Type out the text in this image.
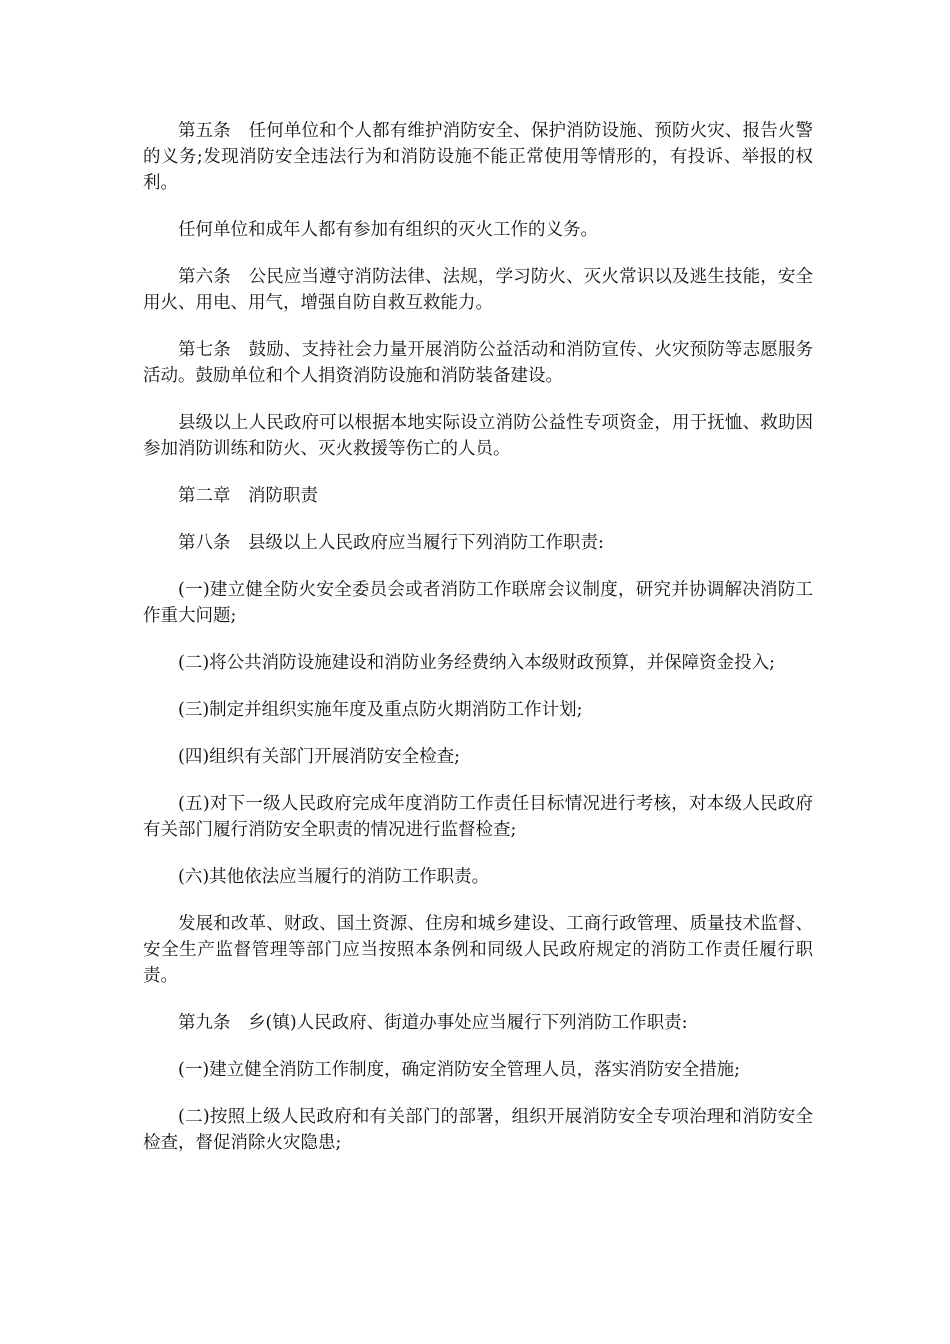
第五条　任何单位和个人都有维护消防安全、保护消防设施、预防火灾、报告火警的义务;发现消防安全违法行为和消防设施不能正常使用等情形的，有投诉、举报的权利。

任何单位和成年人都有参加有组织的灭火工作的义务。

第六条　公民应当遵守消防法律、法规，学习防火、灭火常识以及逃生技能，安全用火、用电、用气，增强自防自救互救能力。

第七条　鼓励、支持社会力量开展消防公益活动和消防宣传、火灾预防等志愿服务活动。鼓励单位和个人捐资消防设施和消防装备建设。

县级以上人民政府可以根据本地实际设立消防公益性专项资金，用于抚恤、救助因参加消防训练和防火、灭火救援等伤亡的人员。

第二章　消防职责

第八条　县级以上人民政府应当履行下列消防工作职责:

(一)建立健全防火安全委员会或者消防工作联席会议制度，研究并协调解决消防工作重大问题;

(二)将公共消防设施建设和消防业务经费纳入本级财政预算，并保障资金投入;

(三)制定并组织实施年度及重点防火期消防工作计划;

(四)组织有关部门开展消防安全检查;

(五)对下一级人民政府完成年度消防工作责任目标情况进行考核，对本级人民政府有关部门履行消防安全职责的情况进行监督检查;

(六)其他依法应当履行的消防工作职责。

发展和改革、财政、国土资源、住房和城乡建设、工商行政管理、质量技术监督、安全生产监督管理等部门应当按照本条例和同级人民政府规定的消防工作责任履行职责。

第九条　乡(镇)人民政府、街道办事处应当履行下列消防工作职责:

(一)建立健全消防工作制度，确定消防安全管理人员，落实消防安全措施;

(二)按照上级人民政府和有关部门的部署，组织开展消防安全专项治理和消防安全检查，督促消除火灾隐患;
